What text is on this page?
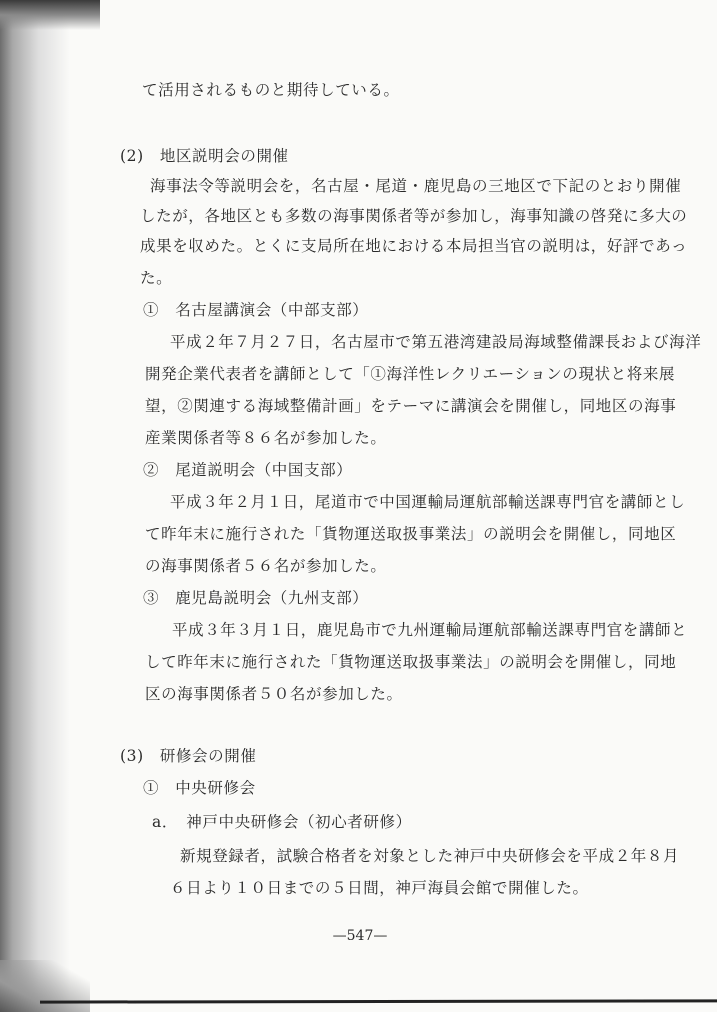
て活用されるものと期待している。
(2)　地区説明会の開催
海事法令等説明会を，名古屋・尾道・鹿児島の三地区で下記のとおり開催
したが，各地区とも多数の海事関係者等が参加し，海事知識の啓発に多大の
成果を収めた。とくに支局所在地における本局担当官の説明は，好評であっ
た。
①　名古屋講演会（中部支部）
平成２年７月２７日，名古屋市で第五港湾建設局海域整備課長および海洋
開発企業代表者を講師として「①海洋性レクリエーションの現状と将来展
望，②関連する海域整備計画」をテーマに講演会を開催し，同地区の海事
産業関係者等８６名が参加した。
②　尾道説明会（中国支部）
平成３年２月１日，尾道市で中国運輸局運航部輸送課専門官を講師とし
て昨年末に施行された「貨物運送取扱事業法」の説明会を開催し，同地区
の海事関係者５６名が参加した。
③　鹿児島説明会（九州支部）
平成３年３月１日，鹿児島市で九州運輸局運航部輸送課専門官を講師と
して昨年末に施行された「貨物運送取扱事業法」の説明会を開催し，同地
区の海事関係者５０名が参加した。
(3)　研修会の開催
①　中央研修会
a．　神戸中央研修会（初心者研修）
新規登録者，試験合格者を対象とした神戸中央研修会を平成２年８月
６日より１０日までの５日間，神戸海員会館で開催した。
—547—
